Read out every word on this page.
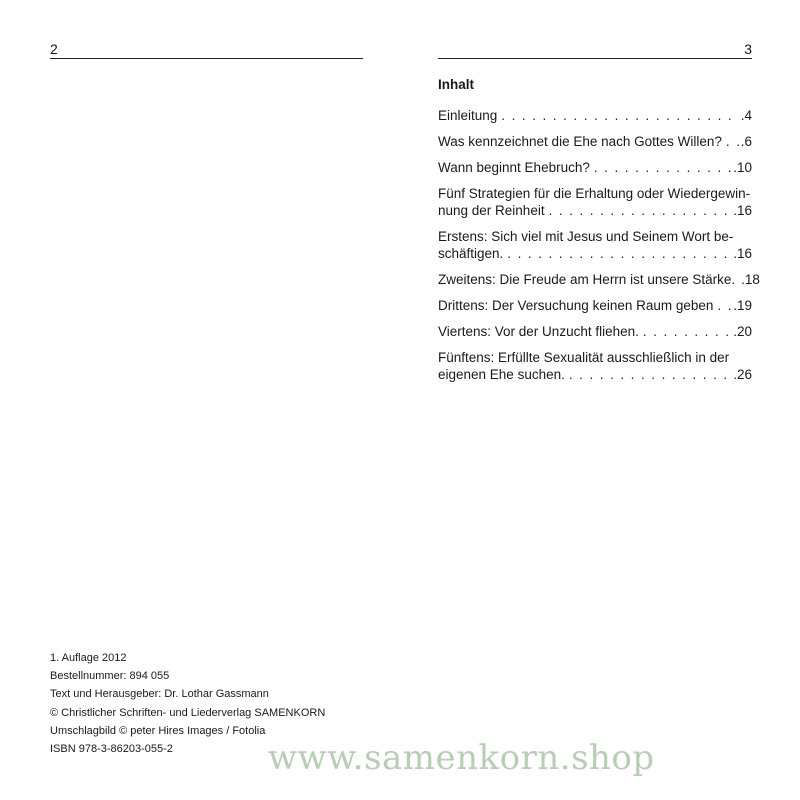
2	3
Inhalt
Einleitung . . .	.4
Was kennzeichnet die Ehe nach Gottes Willen? . . . .6
Wann beginnt Ehebruch? . . .	.10
Fünf Strategien für die Erhaltung oder Wiedergewin-
nung der Reinheit . . .	.16
Erstens: Sich viel mit Jesus und Seinem Wort be-
schäftigen. . . .	.16
Zweitens: Die Freude am Herrn ist unsere Stärke. .18
Drittens: Der Versuchung keinen Raum geben . . . .19
Viertens: Vor der Unzucht fliehen. . . .	.20
Fünftens: Erfüllte Sexualität ausschließlich in der
eigenen Ehe suchen. . . .	.26
1. Auflage 2012
Bestellnummer: 894 055
Text und Herausgeber: Dr. Lothar Gassmann
© Christlicher Schriften- und Liederverlag SAMENKORN
Umschlagbild © peter Hires Images / Fotolia
ISBN 978-3-86203-055-2	www.samenkorn.shop
